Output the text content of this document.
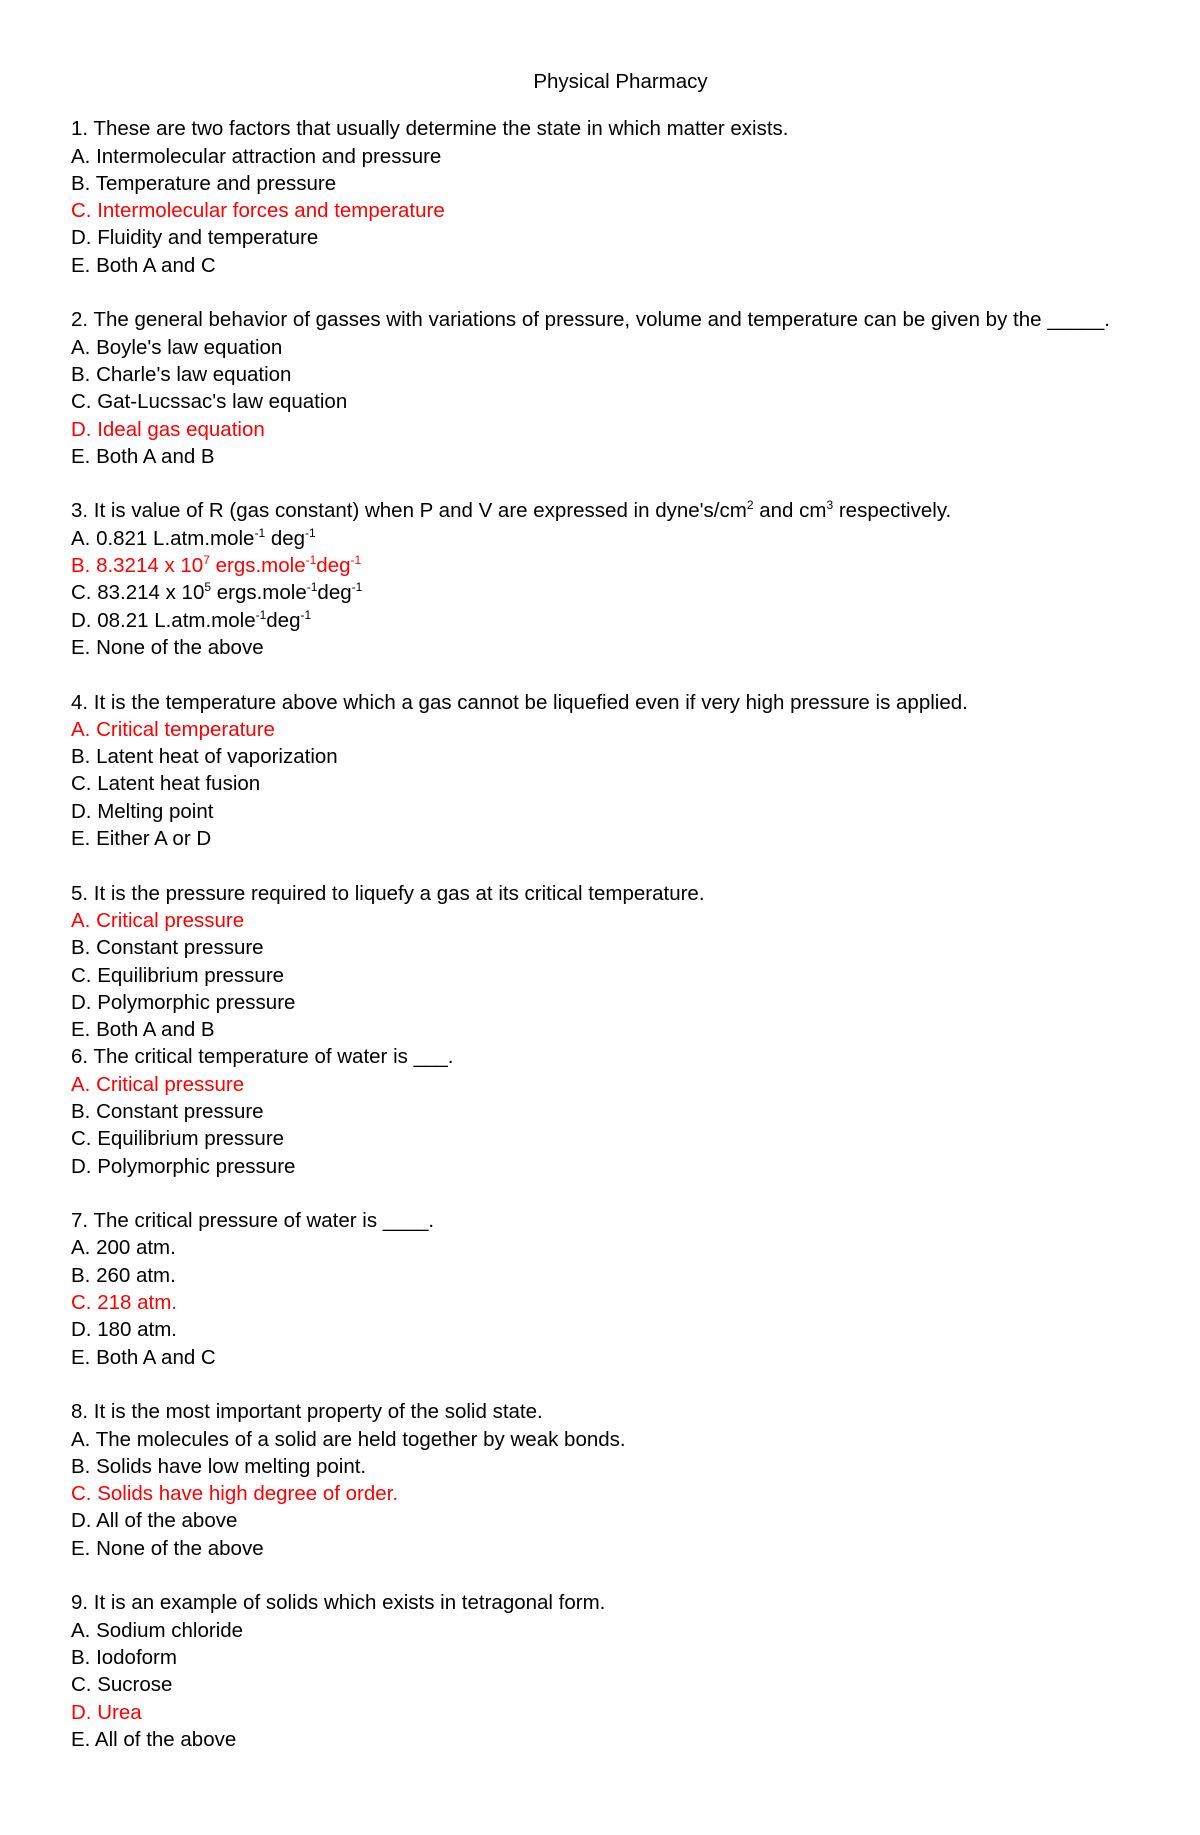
Physical Pharmacy
1. These are two factors that usually determine the state in which matter exists.
A. Intermolecular attraction and pressure
B. Temperature and pressure
C. Intermolecular forces and temperature
D. Fluidity and temperature
E. Both A and C
2. The general behavior of gasses with variations of pressure, volume and temperature can be given by the _____.
A. Boyle's law equation
B. Charle's law equation
C. Gat-Lucssac's law equation
D. Ideal gas equation
E. Both A and B
3. It is value of R (gas constant) when P and V are expressed in $dyne's/cm^2$ and $cm^3$ respectively.
A. 0.821 L.atm.mole$^{-1}$ deg$^{-1}$
B. 8.3214 x $10^7$ ergs.mole$^{-1}$deg$^{-1}$
C. 83.214 x $10^5$ ergs.mole$^{-1}$deg$^{-1}$
D. 08.21 L.atm.mole$^{-1}$deg$^{-1}$
E. None of the above
4. It is the temperature above which a gas cannot be liquefied even if very high pressure is applied.
A. Critical temperature
B. Latent heat of vaporization
C. Latent heat fusion
D. Melting point
E. Either A or D
5. It is the pressure required to liquefy a gas at its critical temperature.
A. Critical pressure
B. Constant pressure
C. Equilibrium pressure
D. Polymorphic pressure
E. Both A and B
6. The critical temperature of water is ___.
A. Critical pressure
B. Constant pressure
C. Equilibrium pressure
D. Polymorphic pressure
7. The critical pressure of water is ____.
A. 200 atm.
B. 260 atm.
C. 218 atm.
D. 180 atm.
E. Both A and C
8. It is the most important property of the solid state.
A. The molecules of a solid are held together by weak bonds.
B. Solids have low melting point.
C. Solids have high degree of order.
D. All of the above
E. None of the above
9. It is an example of solids which exists in tetragonal form.
A. Sodium chloride
B. Iodoform
C. Sucrose
D. Urea
E. All of the above
